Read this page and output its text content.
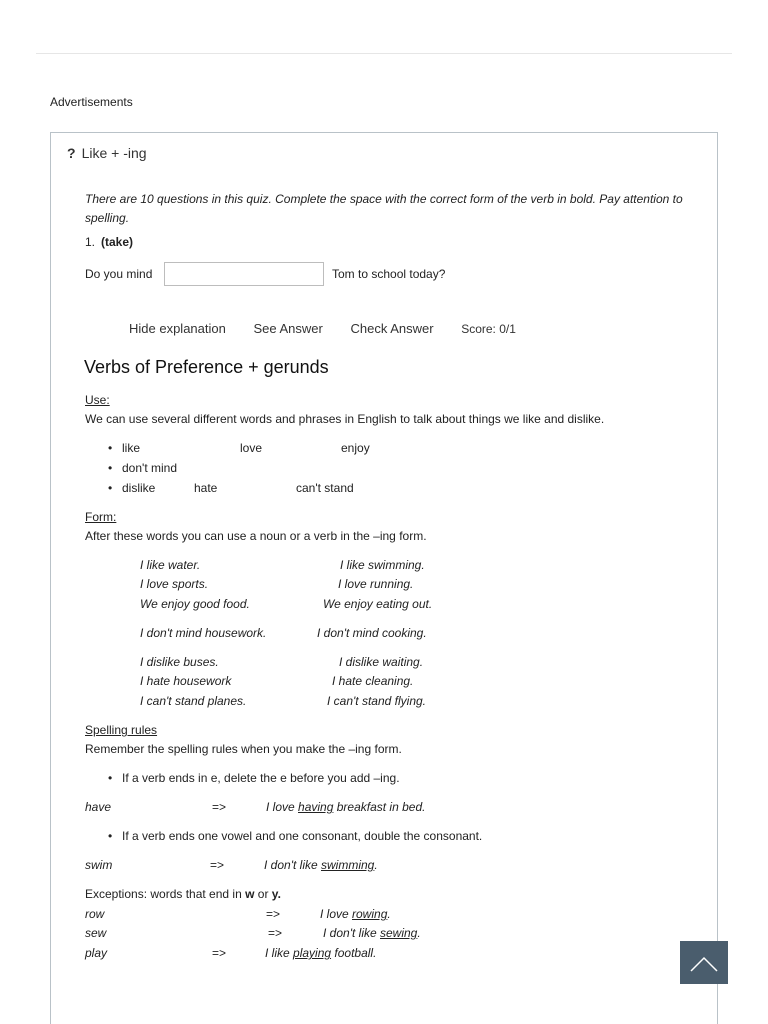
Advertisements
? Like + -ing
There are 10 questions in this quiz. Complete the space with the correct form of the verb in bold. Pay attention to spelling.
1. (take)
Do you mind	Tom to school today?
Hide explanation See Answer Check Answer Score: 0/1
Verbs of Preference + gerunds
Use:
We can use several different words and phrases in English to talk about things we like and dislike.
• like	love	enjoy
• don't mind
• dislike	hate	can't stand
Form:
After these words you can use a noun or a verb in the –ing form.
I like water.	I like swimming.
I love sports.	I love running.
We enjoy good food.	We enjoy eating out.
I don't mind housework.	I don't mind cooking.
I dislike buses.	I dislike waiting.
I hate housework	I hate cleaning.
I can't stand planes.	I can't stand flying.
Spelling rules
Remember the spelling rules when you make the –ing form.
• If a verb ends in e, delete the e before you add –ing.
have	=>	I love having breakfast in bed.
• If a verb ends one vowel and one consonant, double the consonant.
swim	=>	I don't like swimming.
Exceptions: words that end in w or y.
row	=>	I love rowing.
sew	=>	I don't like sewing.
play	=>	I like playing football.
